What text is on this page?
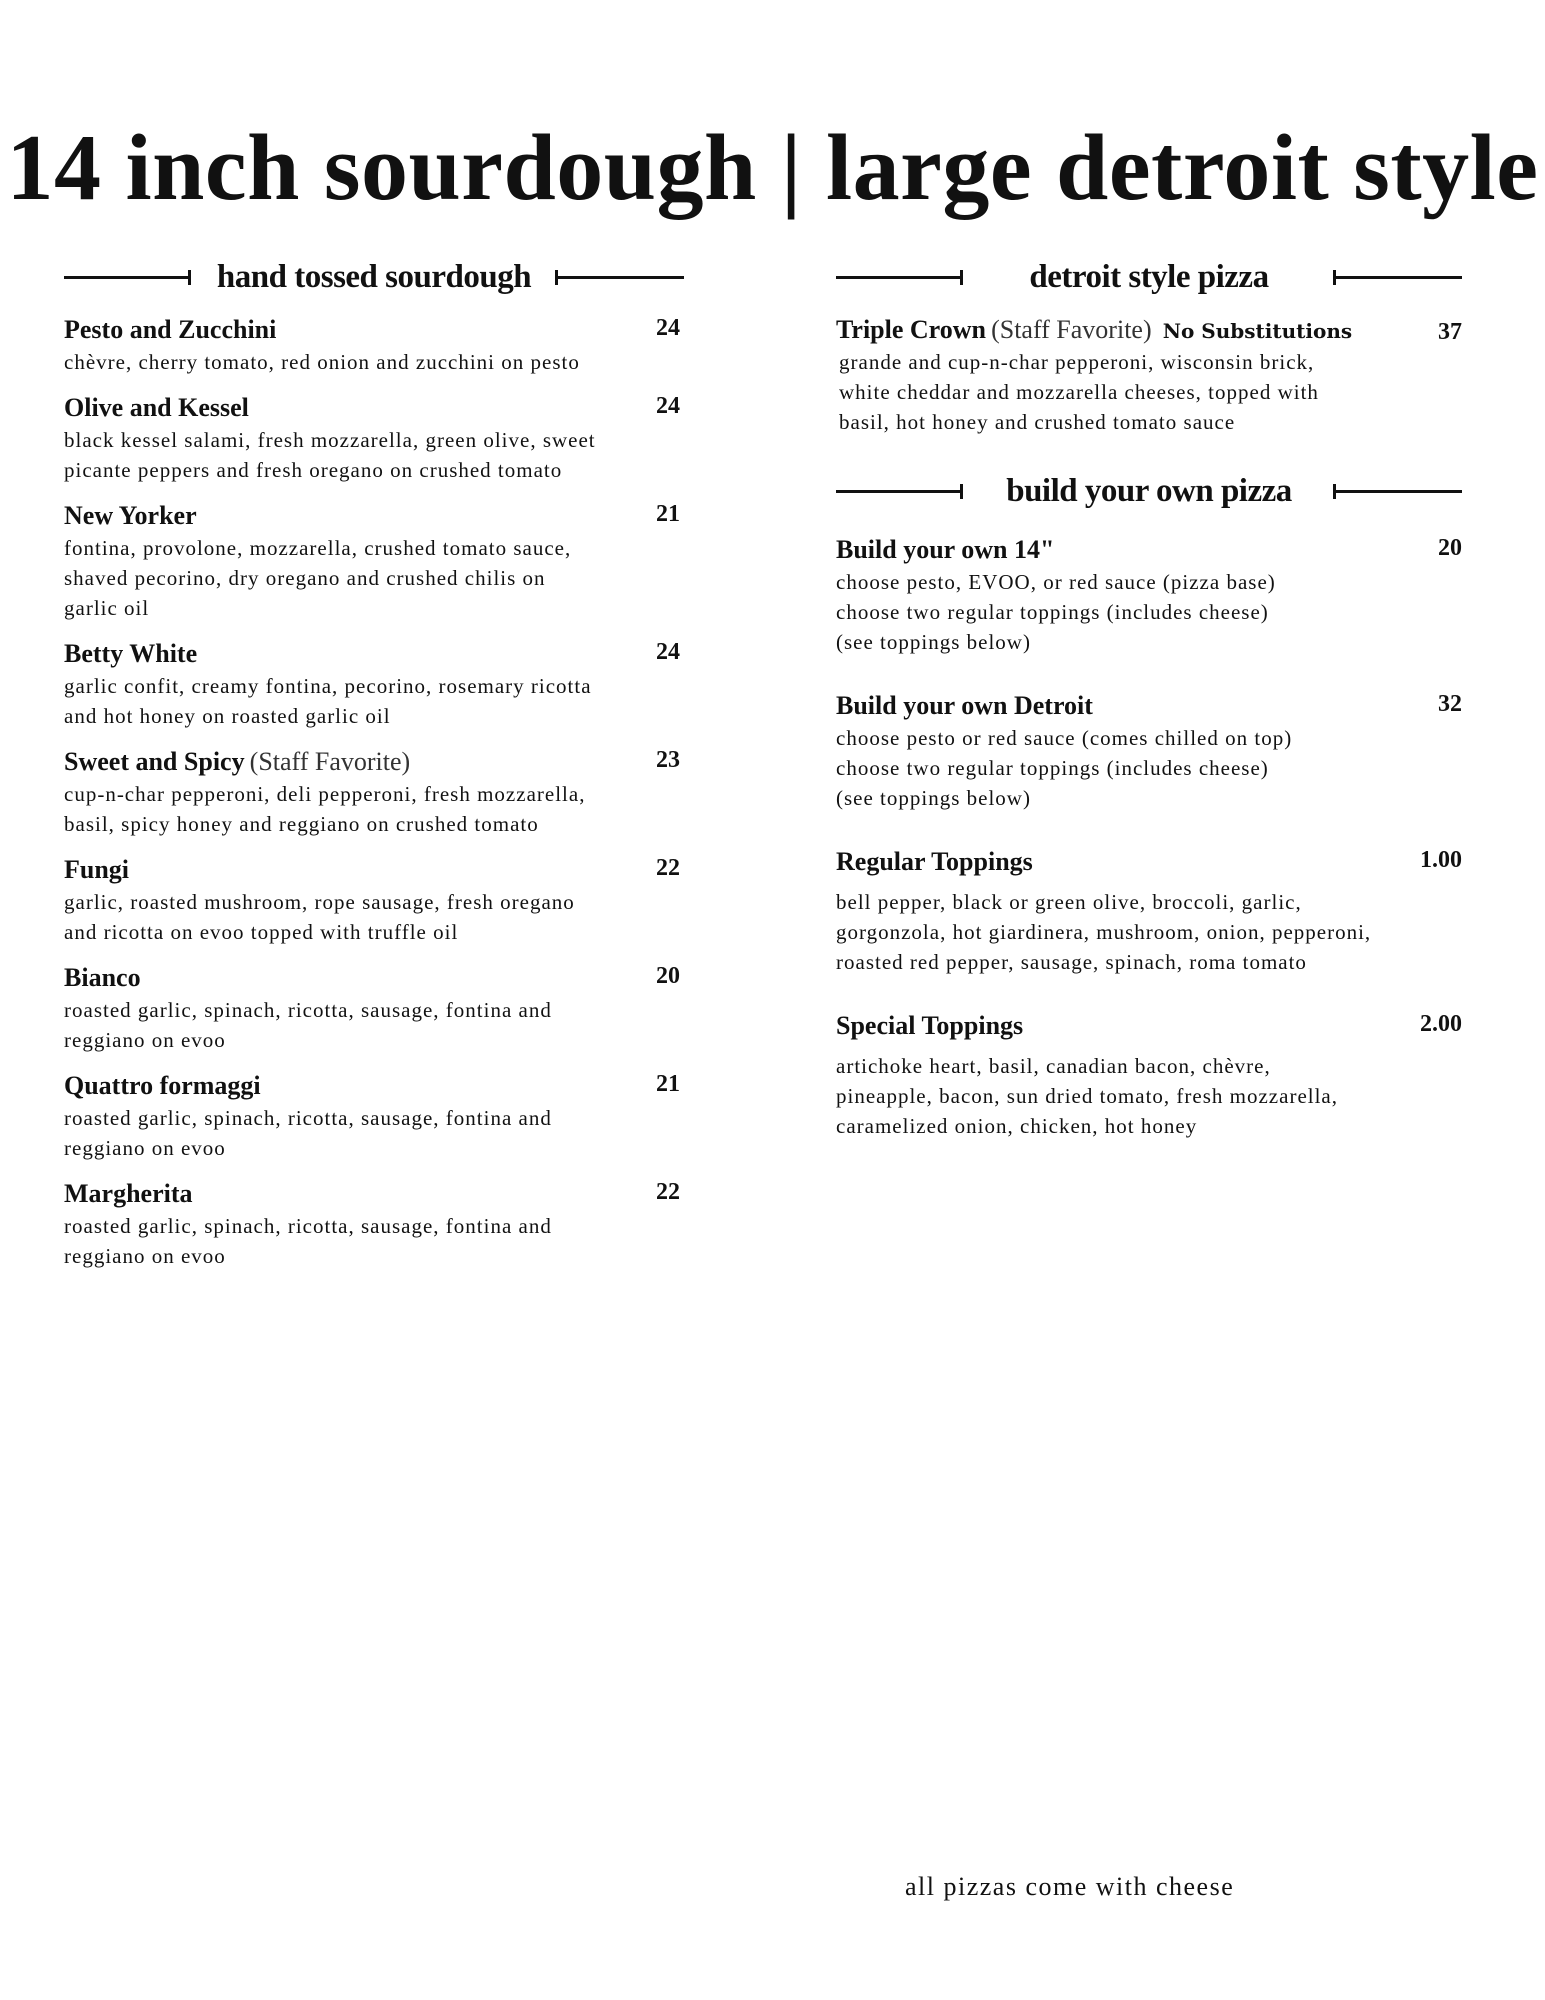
14 inch sourdough | large detroit style
hand tossed sourdough
Pesto and Zucchini	24
chèvre, cherry tomato, red onion and zucchini on pesto
Olive and Kessel	24
black kessel salami, fresh mozzarella, green olive, sweet
picante peppers and fresh oregano on crushed tomato
New Yorker	21
fontina, provolone, mozzarella, crushed tomato sauce,
shaved pecorino, dry oregano and crushed chilis on
garlic oil
Betty White	24
garlic confit, creamy fontina, pecorino, rosemary ricotta
and hot honey on roasted garlic oil
Sweet and Spicy (Staff Favorite)	23
cup-n-char pepperoni, deli pepperoni, fresh mozzarella,
basil, spicy honey and reggiano on crushed tomato
Fungi	22
garlic, roasted mushroom, rope sausage, fresh oregano
and ricotta on evoo topped with truffle oil
Bianco	20
roasted garlic, spinach, ricotta, sausage, fontina and
reggiano on evoo
Quattro formaggi	21
roasted garlic, spinach, ricotta, sausage, fontina and
reggiano on evoo
Margherita	22
roasted garlic, spinach, ricotta, sausage, fontina and
reggiano on evoo
detroit style pizza
Triple Crown (Staff Favorite) No Substitutions	37
grande and cup-n-char pepperoni, wisconsin brick,
white cheddar and mozzarella cheeses, topped with
basil, hot honey and crushed tomato sauce
build your own pizza
Build your own 14"	20
choose pesto, EVOO, or red sauce (pizza base)
choose two regular toppings (includes cheese)
(see toppings below)
Build your own Detroit	32
choose pesto or red sauce (comes chilled on top)
choose two regular toppings (includes cheese)
(see toppings below)
Regular Toppings	1.00
bell pepper, black or green olive, broccoli, garlic,
gorgonzola, hot giardinera, mushroom, onion, pepperoni,
roasted red pepper, sausage, spinach, roma tomato
Special Toppings	2.00
artichoke heart, basil, canadian bacon, chèvre,
pineapple, bacon, sun dried tomato, fresh mozzarella,
caramelized onion, chicken, hot honey
all pizzas come with cheese
